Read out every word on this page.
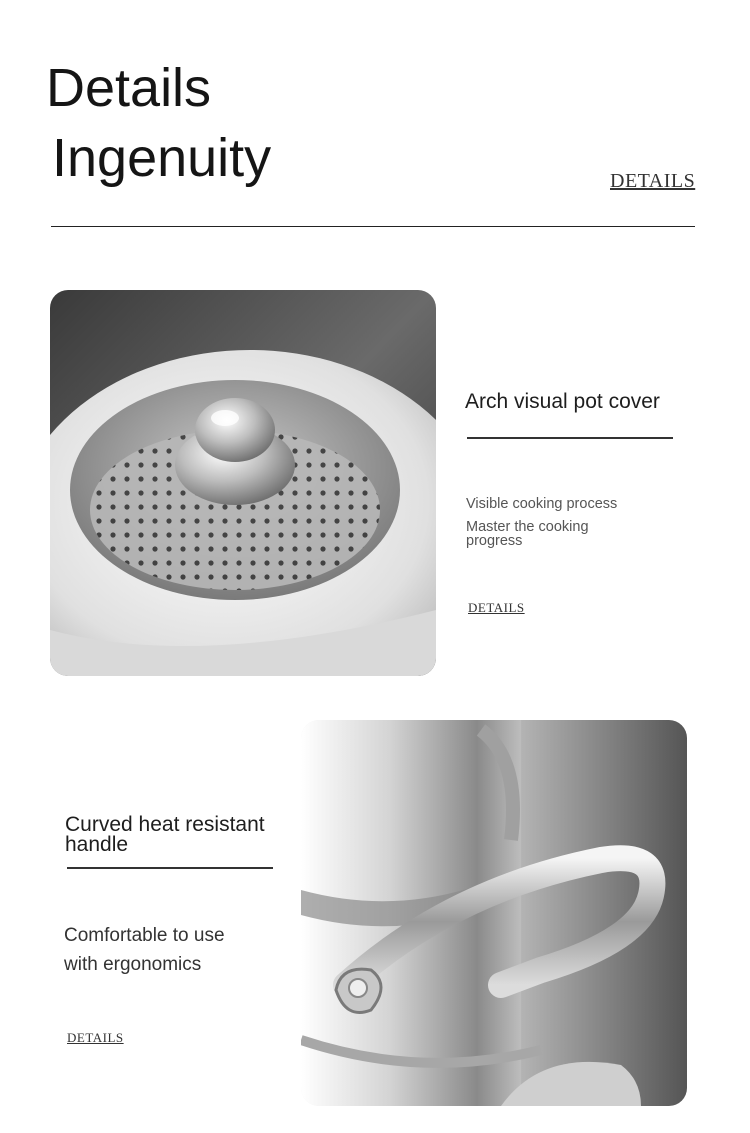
Details
Ingenuity	DETAILS
Arch visual pot cover
Visible cooking process
Master the cooking
progress
DETAILS
Curved heat resistant
handle
Comfortable to use
with ergonomics
DETAILS
